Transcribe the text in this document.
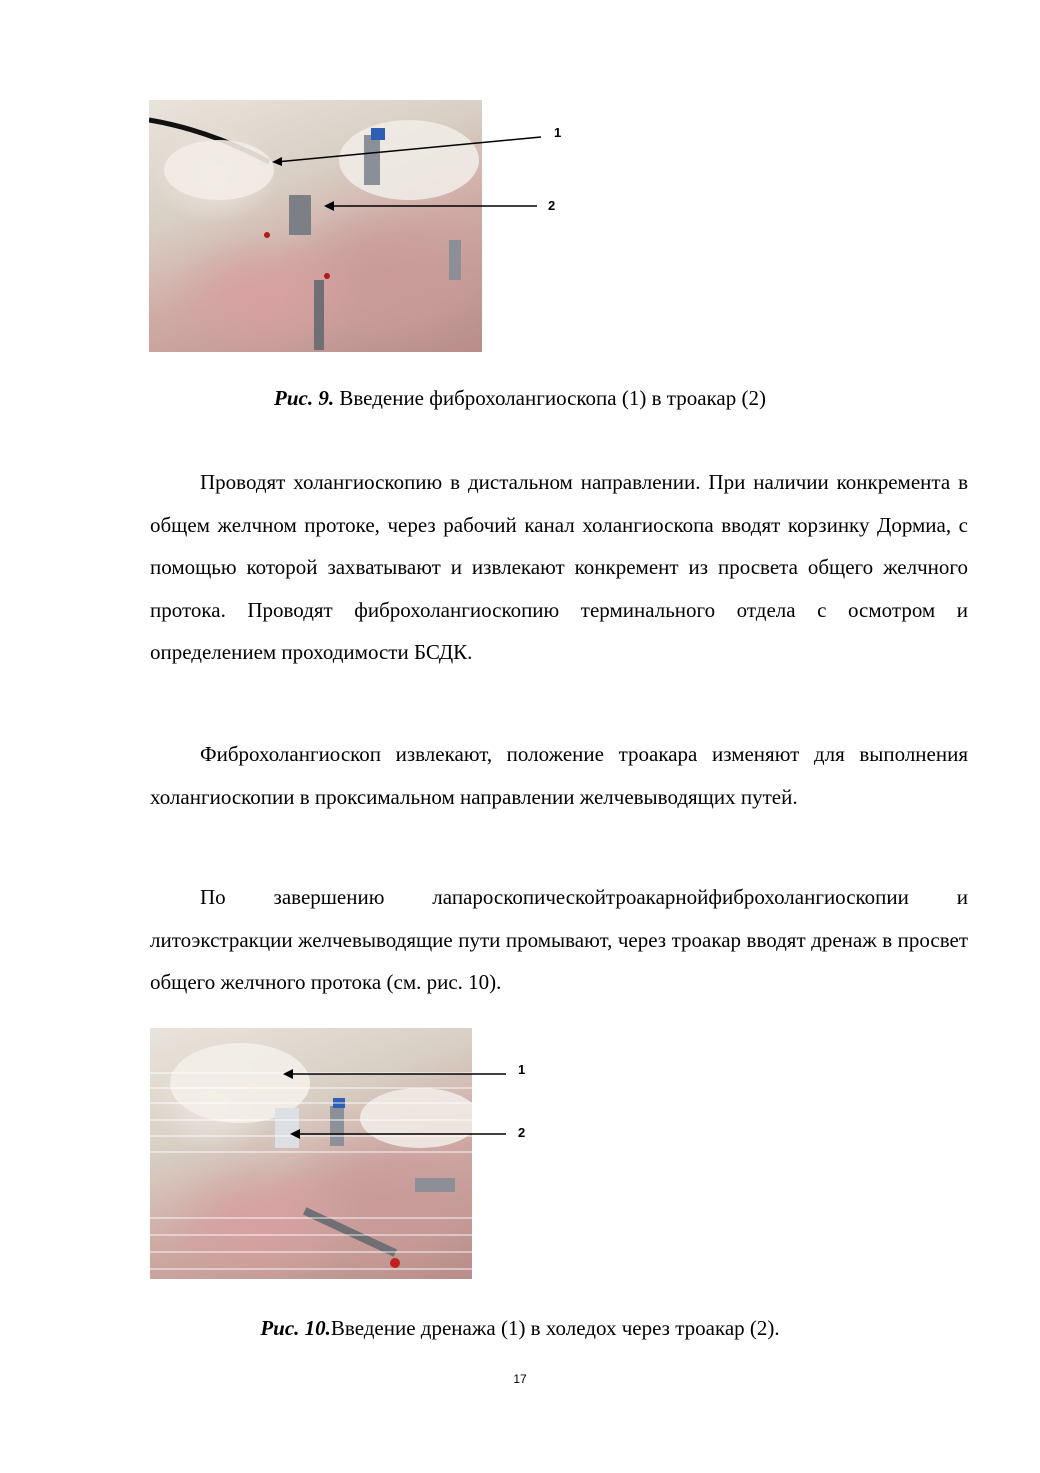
1
2
Рис. 9. Введение фиброхолангиоскопа (1) в троакар (2)

Проводят холангиоскопию в дистальном направлении. При наличии конкремента в общем желчном протоке, через рабочий канал холангиоскопа вводят корзинку Дормиа, с помощью которой захватывают и извлекают конкремент из просвета общего желчного протока. Проводят фиброхолангиоскопию терминального отдела с осмотром и определением проходимости БСДК.

Фиброхолангиоскоп извлекают, положение троакара изменяют для выполнения холангиоскопии в проксимальном направлении желчевыводящих путей.

По завершению лапароскопическойтроакарнойфиброхолангиоскопии и литоэкстракции желчевыводящие пути промывают, через троакар вводят дренаж в просвет общего желчного протока (см. рис. 10).

1
2
Рис. 10.Введение дренажа (1) в холедох через троакар (2).
17
